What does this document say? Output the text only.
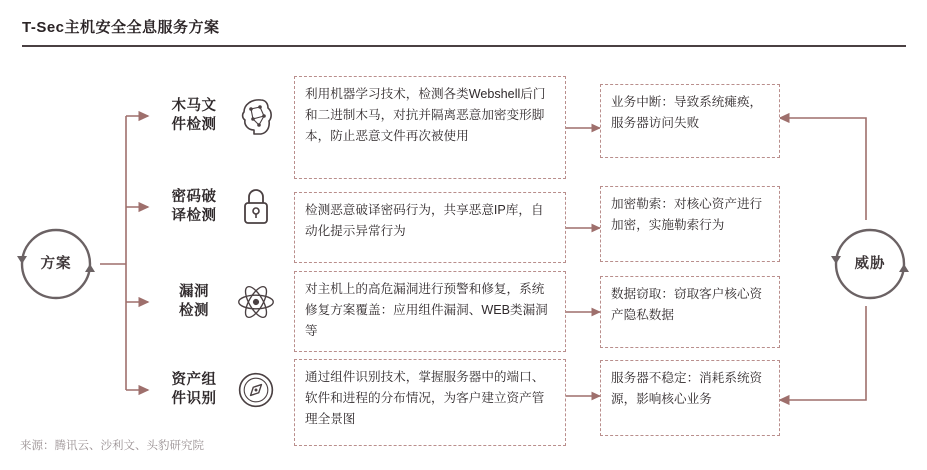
T-Sec主机安全全息服务方案
方案	威胁
木马文
件检测
密码破
译检测
漏洞
检测
资产组
件识别
利用机器学习技术，检测各类Webshell后门和二进制木马，对抗并隔离恶意加密变形脚本，防止恶意文件再次被使用
检测恶意破译密码行为，共享恶意IP库，自动化提示异常行为
对主机上的高危漏洞进行预警和修复，系统修复方案覆盖：应用组件漏洞、WEB类漏洞等
通过组件识别技术，掌握服务器中的端口、软件和进程的分布情况，为客户建立资产管理全景图
业务中断：导致系统瘫痪，服务器访问失败
加密勒索：对核心资产进行加密，实施勒索行为
数据窃取：窃取客户核心资产隐私数据
服务器不稳定：消耗系统资源，影响核心业务
来源：腾讯云、沙利文、头豹研究院
